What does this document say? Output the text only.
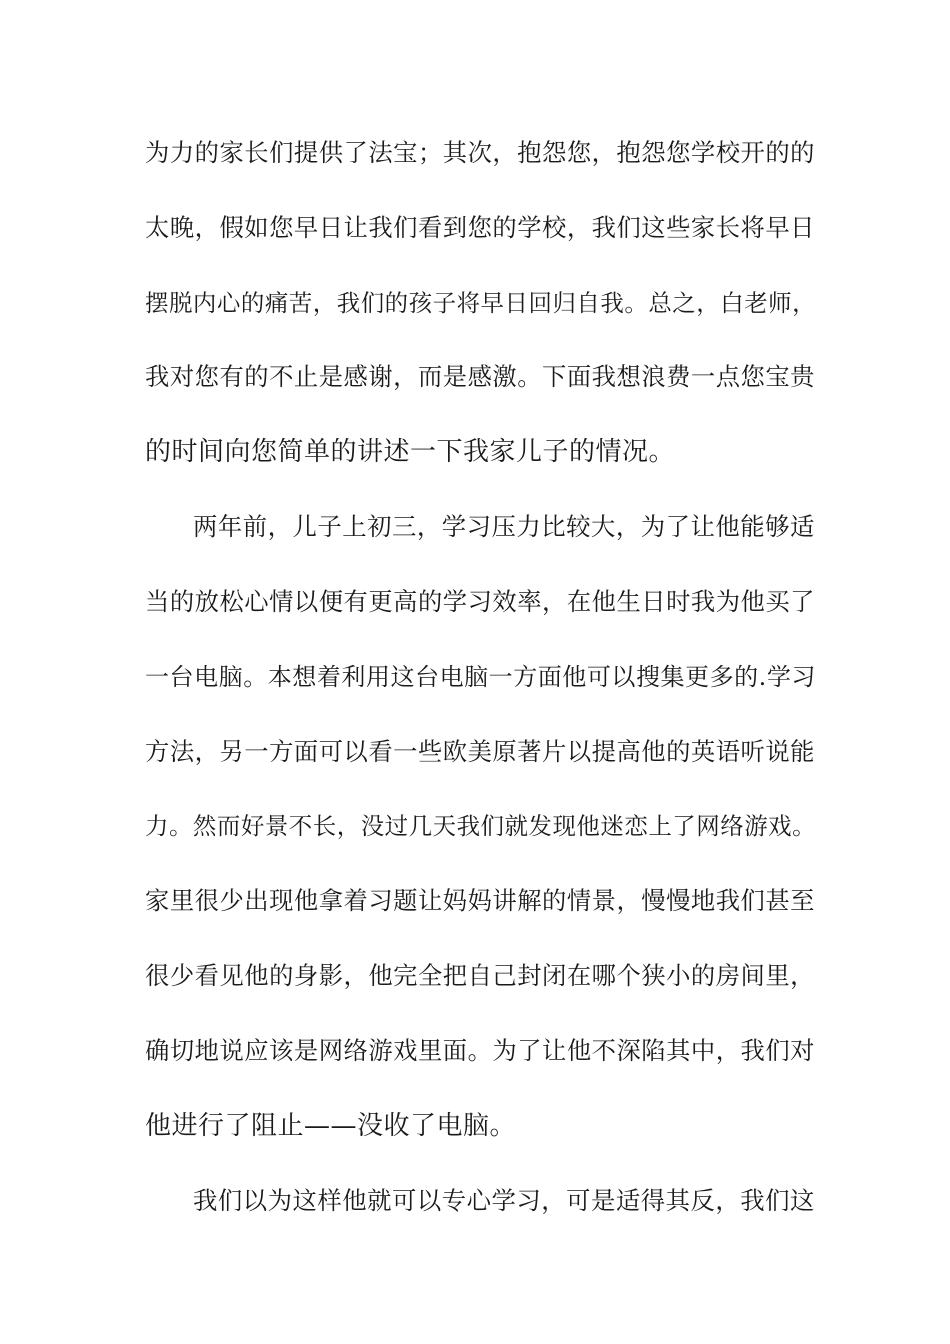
为力的家长们提供了法宝；其次，抱怨您，抱怨您学校开的的

太晚，假如您早日让我们看到您的学校，我们这些家长将早日

摆脱内心的痛苦，我们的孩子将早日回归自我。总之，白老师，

我对您有的不止是感谢，而是感激。下面我想浪费一点您宝贵

的时间向您简单的讲述一下我家儿子的情况。

两年前，儿子上初三，学习压力比较大，为了让他能够适

当的放松心情以便有更高的学习效率，在他生日时我为他买了

一台电脑。本想着利用这台电脑一方面他可以搜集更多的.学习

方法，另一方面可以看一些欧美原著片以提高他的英语听说能

力。然而好景不长，没过几天我们就发现他迷恋上了网络游戏。

家里很少出现他拿着习题让妈妈讲解的情景，慢慢地我们甚至

很少看见他的身影，他完全把自己封闭在哪个狭小的房间里，

确切地说应该是网络游戏里面。为了让他不深陷其中，我们对

他进行了阻止——没收了电脑。

我们以为这样他就可以专心学习，可是适得其反，我们这
